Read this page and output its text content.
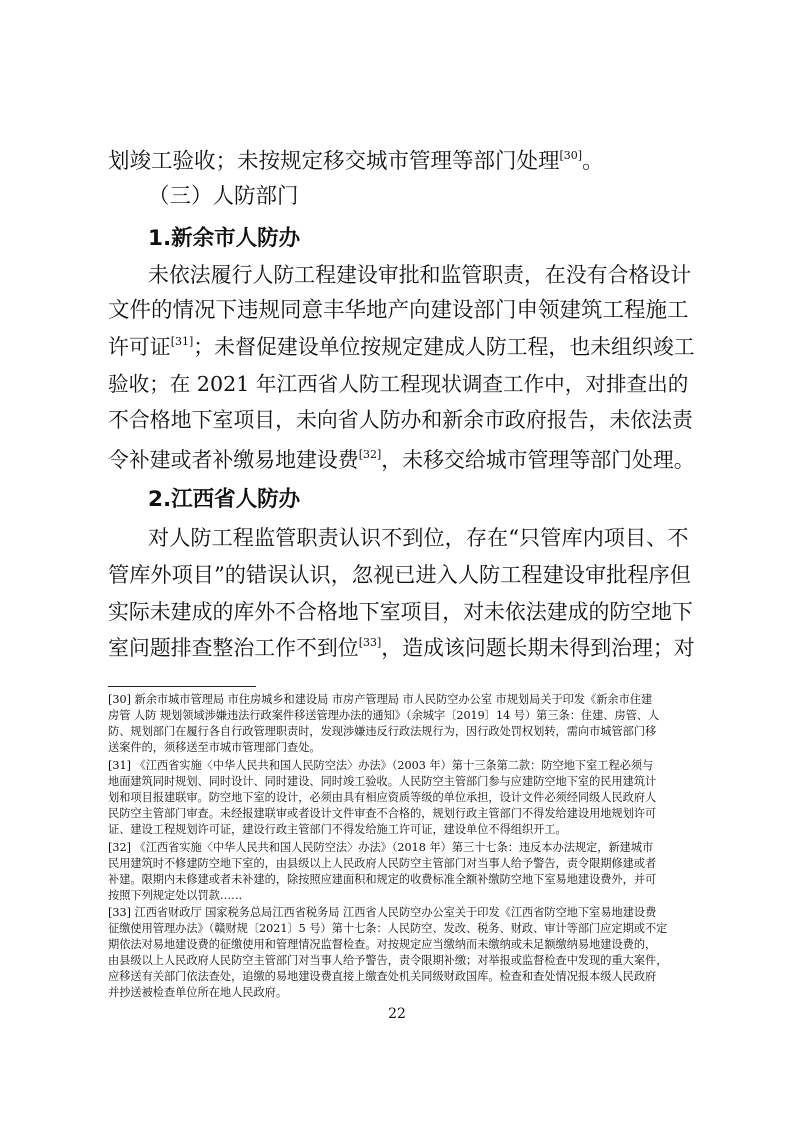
划竣工验收；未按规定移交城市管理等部门处理[30]。
（三）人防部门
1.新余市人防办
未依法履行人防工程建设审批和监管职责，在没有合格设计
文件的情况下违规同意丰华地产向建设部门申领建筑工程施工
许可证[31]；未督促建设单位按规定建成人防工程，也未组织竣工
验收；在 2021 年江西省人防工程现状调查工作中，对排查出的
不合格地下室项目，未向省人防办和新余市政府报告，未依法责
令补建或者补缴易地建设费[32]，未移交给城市管理等部门处理。
2.江西省人防办
对人防工程监管职责认识不到位，存在“只管库内项目、不
管库外项目”的错误认识，忽视已进入人防工程建设审批程序但
实际未建成的库外不合格地下室项目，对未依法建成的防空地下
室问题排查整治工作不到位[33]，造成该问题长期未得到治理；对
[30] 新余市城市管理局 市住房城乡和建设局 市房产管理局 市人民防空办公室 市规划局关于印发《新余市住建
房管 人防 规划领域涉嫌违法行政案件移送管理办法的通知》（余城字〔2019〕14 号）第三条：住建、房管、人
防、规划部门在履行各自行政管理职责时，发现涉嫌违反行政法规行为，因行政处罚权划转，需向市城管部门移
送案件的，须移送至市城市管理部门查处。
[31] 《江西省实施〈中华人民共和国人民防空法〉办法》（2003 年）第十三条第二款：防空地下室工程必须与
地面建筑同时规划、同时设计、同时建设、同时竣工验收。人民防空主管部门参与应建防空地下室的民用建筑计
划和项目报建联审。防空地下室的设计，必须由具有相应资质等级的单位承担，设计文件必须经同级人民政府人
民防空主管部门审查。未经报建联审或者设计文件审查不合格的，规划行政主管部门不得发给建设用地规划许可
证、建设工程规划许可证，建设行政主管部门不得发给施工许可证，建设单位不得组织开工。
[32] 《江西省实施〈中华人民共和国人民防空法〉办法》（2018 年）第三十七条：违反本办法规定，新建城市
民用建筑时不修建防空地下室的，由县级以上人民政府人民防空主管部门对当事人给予警告，责令限期修建或者
补建。限期内未修建或者未补建的，除按照应建面积和规定的收费标准全额补缴防空地下室易地建设费外，并可
按照下列规定处以罚款……
[33] 江西省财政厅 国家税务总局江西省税务局 江西省人民防空办公室关于印发《江西省防空地下室易地建设费
征缴使用管理办法》（赣财规〔2021〕5 号）第十七条：人民防空、发改、税务、财政、审计等部门应定期或不定
期依法对易地建设费的征缴使用和管理情况监督检查。对按规定应当缴纳而未缴纳或未足额缴纳易地建设费的，
由县级以上人民政府人民防空主管部门对当事人给予警告，责令限期补缴；对举报或监督检查中发现的重大案件，
应移送有关部门依法查处，追缴的易地建设费直接上缴查处机关同级财政国库。检查和查处情况报本级人民政府
并抄送被检查单位所在地人民政府。
22
